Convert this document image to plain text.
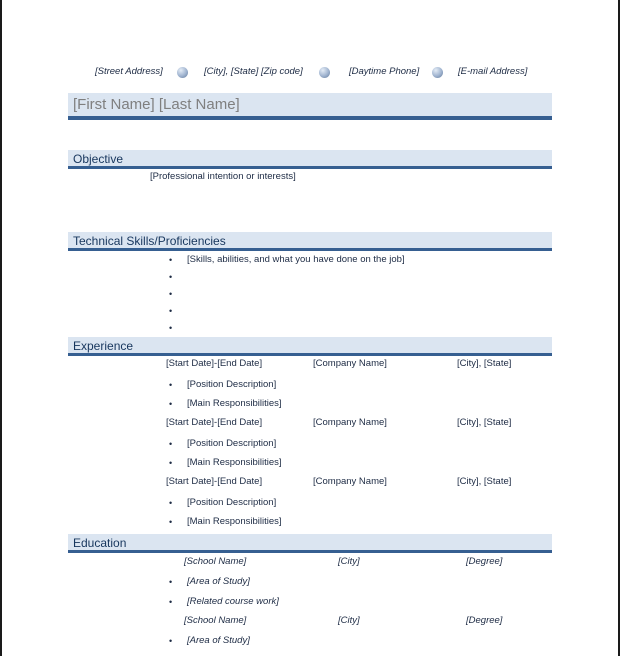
[Street Address]	[City], [State] [Zip code]	[Daytime Phone]	[E-mail Address]
[First Name] [Last Name]
Objective
[Professional intention or interests]
Technical Skills/Proficiencies
• [Skills, abilities, and what you have done on the job]
•
•
•
•
Experience
[Start Date]-[End Date]	[Company Name]	[City], [State]
• [Position Description]
• [Main Responsibilities]
[Start Date]-[End Date]	[Company Name]	[City], [State]
• [Position Description]
• [Main Responsibilities]
[Start Date]-[End Date]	[Company Name]	[City], [State]
• [Position Description]
• [Main Responsibilities]
Education
[School Name]	[City]	[Degree]
• [Area of Study]
• [Related course work]
[School Name]	[City]	[Degree]
• [Area of Study]
